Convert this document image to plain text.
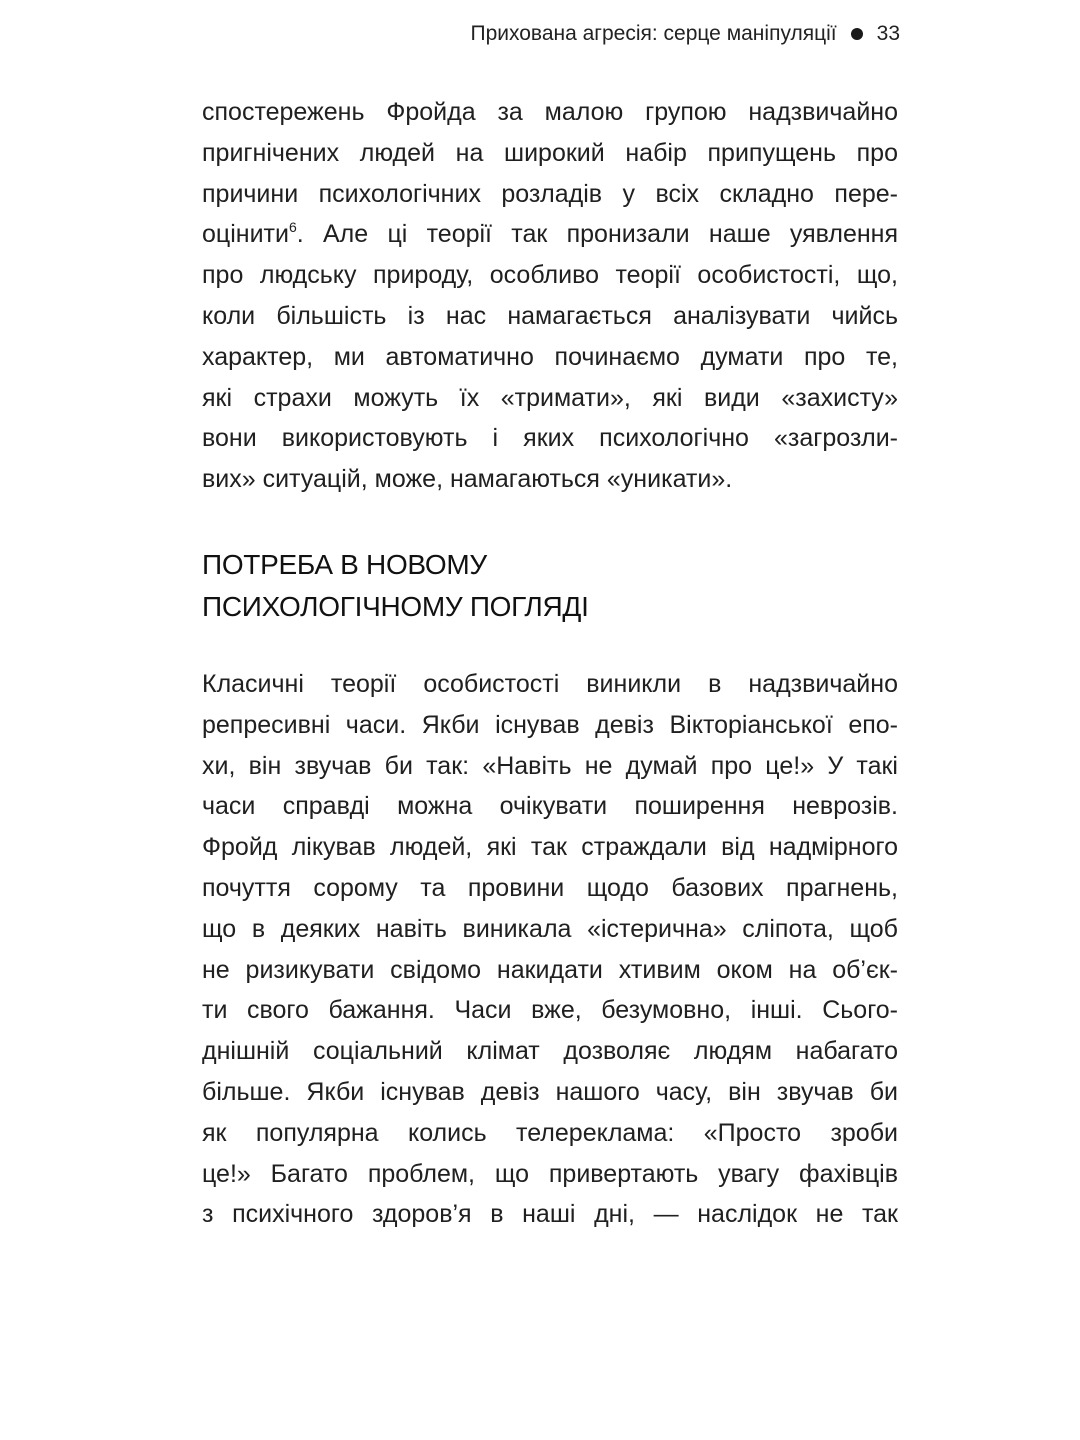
Прихована агресія: серце маніпуляції 33
спостережень Фройда за малою групою надзвичайно
пригнічених людей на широкий набір припущень про
причини психологічних розладів у всіх складно пере-
оцінити$^6$. Але ці теорії так пронизали наше уявлення
про людську природу, особливо теорії особистості, що,
коли більшість із нас намагається аналізувати чийсь
характер, ми автоматично починаємо думати про те,
які страхи можуть їх «тримати», які види «захисту»
вони використовують і яких психологічно «загрозли-
вих» ситуацій, може, намагаються «уникати».
ПОТРЕБА В НОВОМУ
ПСИХОЛОГІЧНОМУ ПОГЛЯДІ
Класичні теорії особистості виникли в надзвичайно
репресивні часи. Якби існував девіз Вікторіанської епо-
хи, він звучав би так: «Навіть не думай про це!» У такі
часи справді можна очікувати поширення неврозів.
Фройд лікував людей, які так страждали від надмірного
почуття сорому та провини щодо базових прагнень,
що в деяких навіть виникала «істерична» сліпота, щоб
не ризикувати свідомо накидати хтивим оком на об’єк-
ти свого бажання. Часи вже, безумовно, інші. Сього-
днішній соціальний клімат дозволяє людям набагато
більше. Якби існував девіз нашого часу, він звучав би
як популярна колись телереклама: «Просто зроби
це!» Багато проблем, що привертають увагу фахівців
з психічного здоров’я в наші дні, — наслідок не так
